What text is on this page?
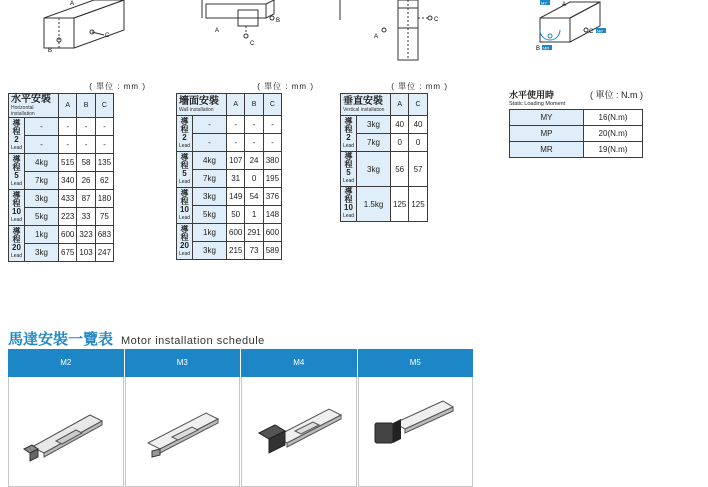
B
C
A
B
A
C
C
A
MY	A
B MR
C MP
( 單位 : mm )
水平安裝
Horizontal installation		A	B	C
導
程
2
Lead	-	-	-	-
	-	-	-	-
導
程
5
Lead	4kg	515	58	135
	7kg	340	26	62
導
程
10
Lead	3kg	433	87	180
	5kg	223	33	75
導
程
20
Lead	1kg	600	323	683
	3kg	675	103	247
( 單位 : mm )
墻面安裝
Wall installation		A	B	C
導
程
2
Lead	-	-	-	-
	-	-	-	-
導
程
5
Lead	4kg	107	24	380
	7kg	31	0	195
導
程
10
Lead	3kg	149	54	376
	5kg	50	1	148
導
程
20
Lead	1kg	600	291	600
	3kg	215	73	589
( 單位 : mm )
垂直安裝
Vertical installation		A	C
導
程
2
Lead	3kg	40	40
	7kg	0	0
導
程
5
Lead	3kg	56	57
導
程
10
Lead	1.5kg	125	125
水平使用時	( 單位 : N.m )
Static Loading Moment
MY	16(N.m)
MP	20(N.m)
MR	19(N.m)
馬達安裝一覽表 Motor installation schedule
M2	M3	M4	M5
